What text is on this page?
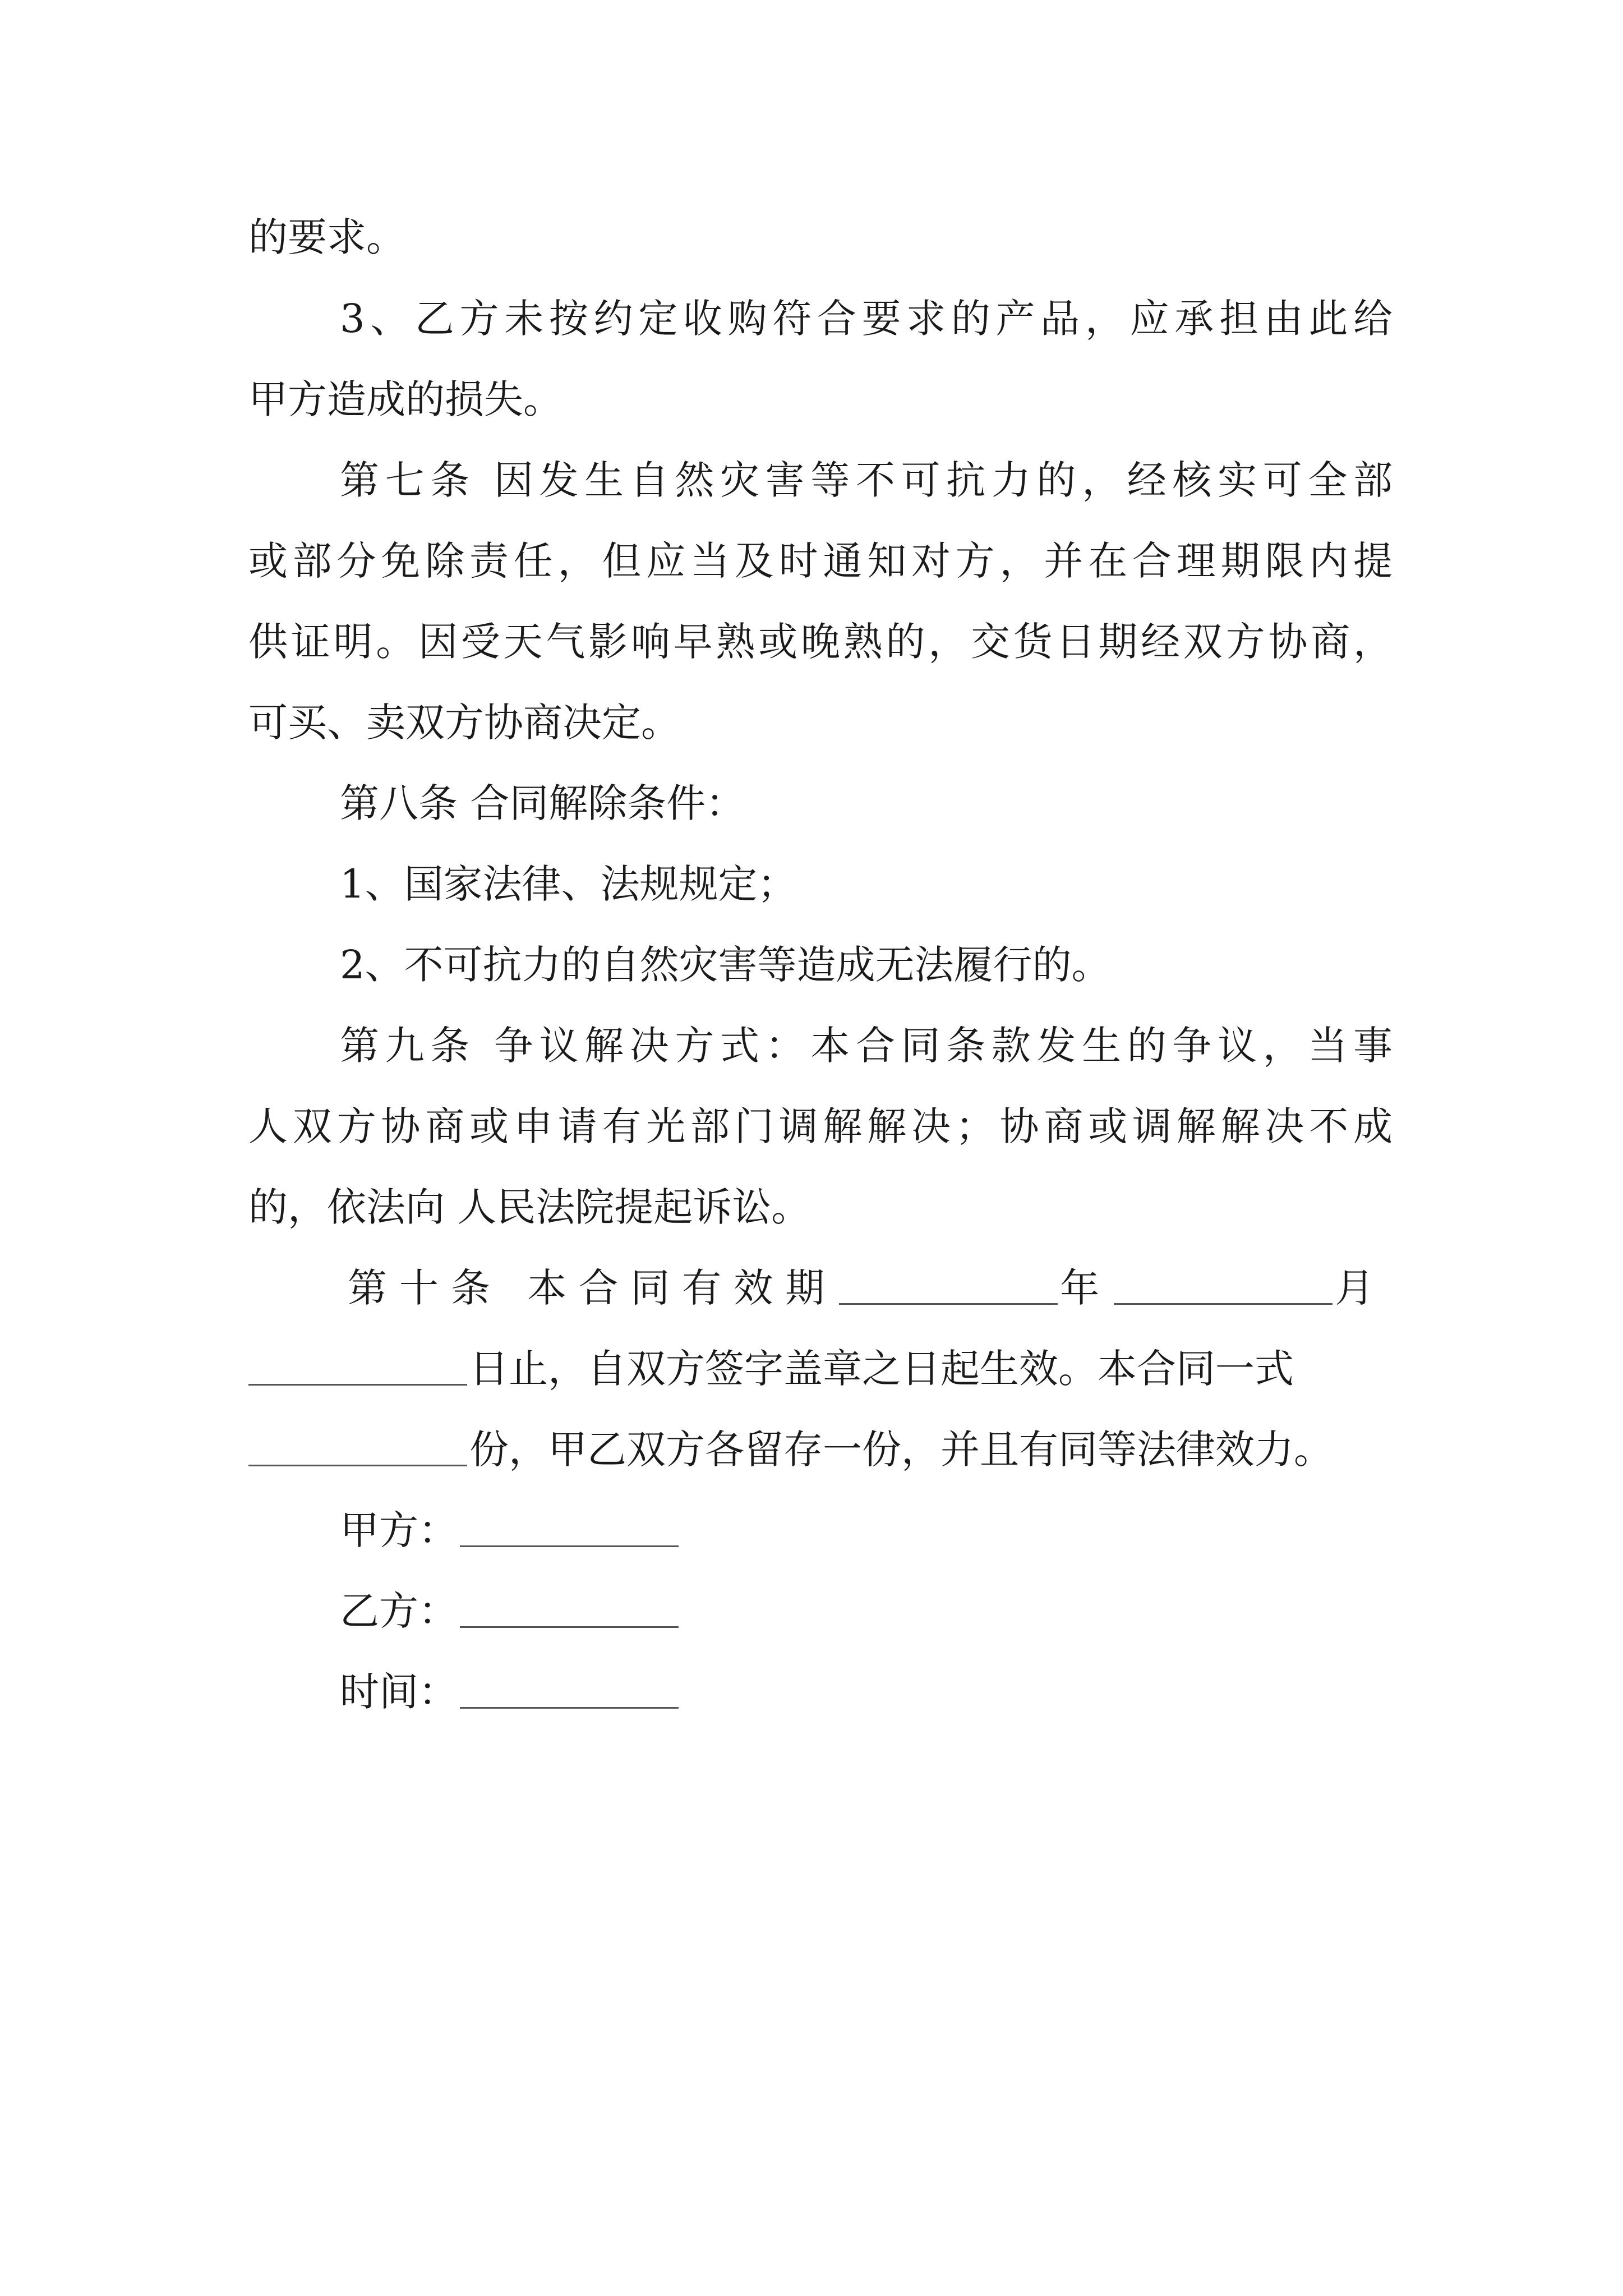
的要求。
3、乙方未按约定收购符合要求的产品，应承担由此给
甲方造成的损失。
第七条 因发生自然灾害等不可抗力的，经核实可全部
或部分免除责任，但应当及时通知对方，并在合理期限内提
供证明。因受天气影响早熟或晚熟的，交货日期经双方协商，
可买、卖双方协商决定。
第八条 合同解除条件：
1、国家法律、法规规定；
2、不可抗力的自然灾害等造成无法履行的。
第九条 争议解决方式：本合同条款发生的争议，当事
人双方协商或申请有光部门调解解决；协商或调解解决不成
的，依法向 人民法院提起诉讼。
第十条 本合同有效期	年	月
日止，自双方签字盖章之日起生效。本合同一式
份，甲乙双方各留存一份，并且有同等法律效力。
甲方：
乙方：
时间：
